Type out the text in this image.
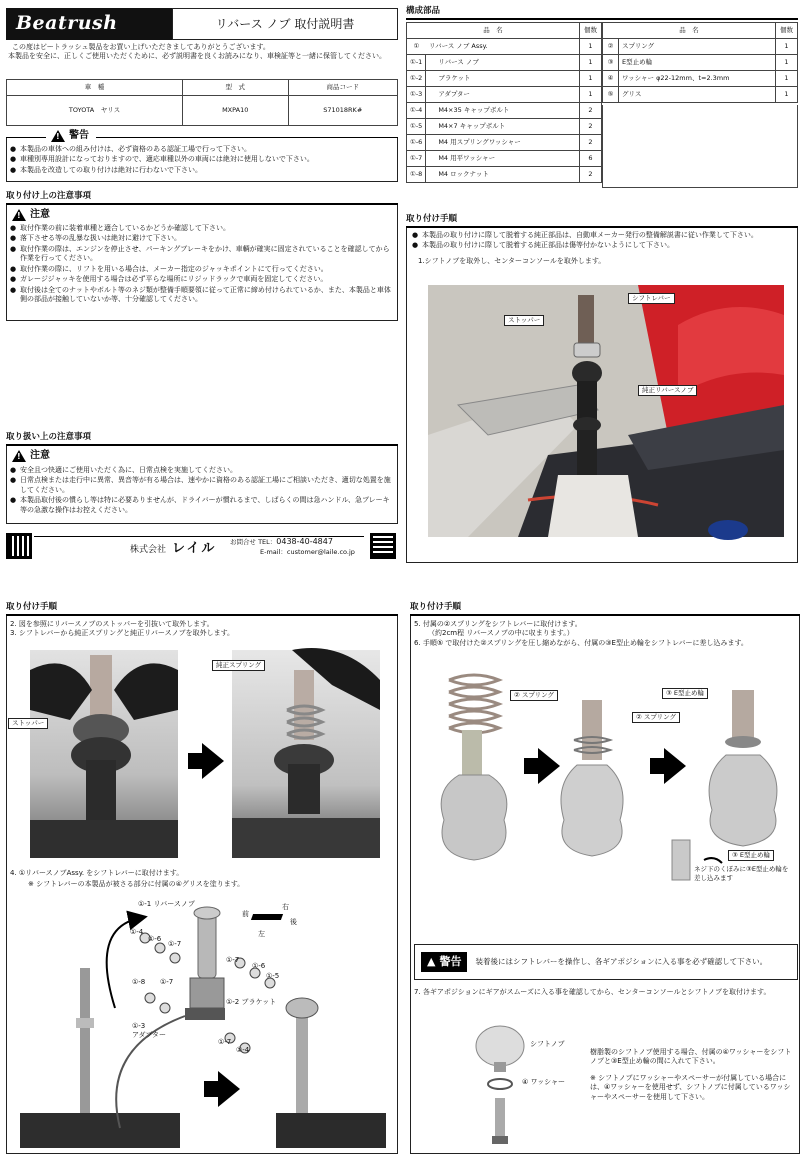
Beatrush	リバース ノブ 取付説明書
この度はビートラッシュ製品をお買い上げいただきましてありがとうございます。
本製品を安全に、正しくご使用いただくために、必ず説明書を良くお読みになり、車検証等と一緒に保管してください。
車　種	型　式	商品コード
TOYOTA　ヤリス	MXPA10	S71018RK#
!
警告
● 本製品の車体への組み付けは、必ず資格のある認証工場で行って下さい。
● 車種別専用設計になっておりますので、適応車種以外の車両には絶対に使用しないで下さい。
● 本製品を改造しての取り付けは絶対に行わないで下さい。
取り付け上の注意事項
!
注意
● 取付作業の前に装着車種と適合しているかどうか確認して下さい。
● 落下させる等の乱暴な扱いは絶対に避けて下さい。
● 取付作業の際は、エンジンを停止させ、パーキングブレーキをかけ、車輌が確実に固定されていることを確認してから作業を行ってください。
● 取付作業の際に、リフトを用いる場合は、メーカー指定のジャッキポイントにて行ってください。
● ガレージジャッキを使用する場合は必ず平らな場所にリジッドラックで車両を固定してください。
● 取付後は全てのナットやボルト等のネジ類が整備手順要領に従って正常に締め付けられているか、また、本製品と車体側の部品が接触していないか等、十分確認してください。
取り扱い上の注意事項
!
注意
● 安全且つ快適にご使用いただく為に、日常点検を実施してください。
● 日常点検または走行中に異常、異音等が有る場合は、速やかに資格のある認証工場にご相談いただき、適切な処置を施してください。
● 本製品取付後の慣らし等は特に必要ありませんが、ドライバーが慣れるまで、しばらくの間は急ハンドル、急ブレーキ等の急激な操作はお控えください。
株式会社 レイル お問合せ TEL：0438-40-4847
E-mail：customer@laile.co.jp
構成部品
品　名		個数
①	リバース ノブ Assy.	1
①-1	リバース ノブ	1
①-2	ブラケット	1
①-3	アダプター	1
①-4	M4×35 キャップボルト	2
①-5	M4×7 キャップボルト	2
①-6	M4 用スプリングワッシャー	2
①-7	M4 用平ワッシャー	6
①-8	M4 ロックナット	2
品　名		個数
②	スプリング	1
③	E型止め輪	1
④	ワッシャー φ22-12mm、t=2.3mm	1
⑤	グリス	1
取り付け手順
● 本製品の取り付けに際して脱着する純正部品は、自動車メーカー発行の整備解説書に従い作業して下さい。
● 本製品の取り付けに際して脱着する純正部品は傷等付かないようにして下さい。
1.シフトノブを取外し、センターコンソールを取外します。
シフトレバー
ストッパー
純正リバースノブ
取り付け手順
2. 図を参照にリバースノブのストッパーを引抜いて取外します。
3. シフトレバーから純正スプリングと純正リバースノブを取外します。
ストッパー
純正スプリング
4. ①リバースノブAssy. をシフトレバーに取付けます。
※ シフトレバーの本製品が被さる部分に付属の④グリスを塗ります。
①-1 リバースノブ
①-4
①-6
①-7
①-8 ①-7
①-7
①-6
①-5
①-2 ブラケット
①-3
アダプター
①-7
①-4
前
右
後
左
取り付け手順
5. 付属の②スプリングをシフトレバーに取付けます。
（約2cm程 リバースノブの中に収まります。）
6. 手順⑤ で取付けた②スプリングを圧し縮めながら、付属の③E型止め輪をシフトレバーに差し込みます。
② スプリング
② スプリング
③ E型止め輪
③ E型止め輪
ネジ下のくぼみに③E型止め輪を差し込みます
▲ 警告 装着後にはシフトレバーを操作し、各ギアポジションに入る事を必ず確認して下さい。
7. 各ギアポジションにギアがスムーズに入る事を確認してから、センターコンソールとシフトノブを取付けます。
シフトノブ
④ ワッシャー
樹脂製のシフトノブ使用する場合、付属の④ワッシャーをシフトノブと③E型止め輪の間に入れて下さい。
※ シフトノブにワッシャーやスペーサーが付属している場合には、④ワッシャーを使用せず、シフトノブに付属しているワッシャーやスペーサーを使用して下さい。
